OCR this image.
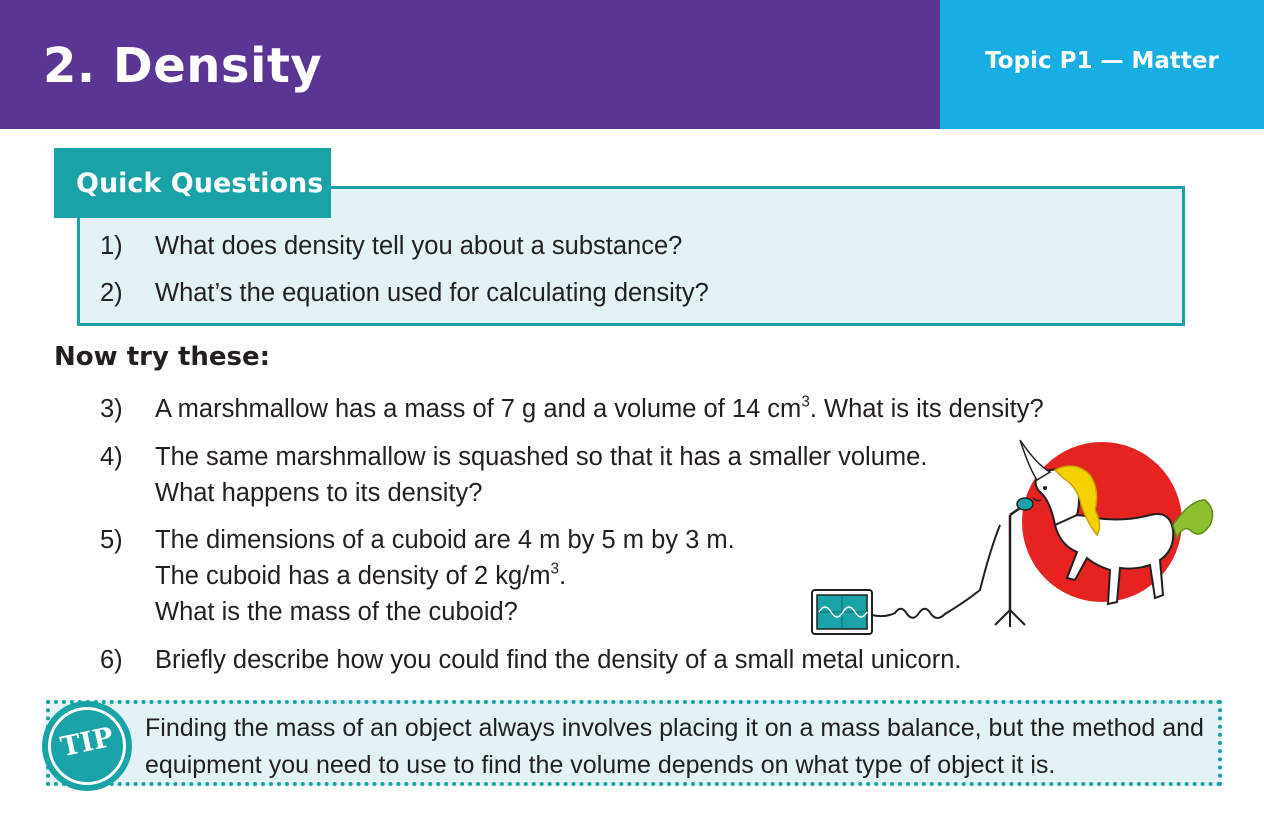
2. Density	Topic P1 — Matter
Quick Questions
1) What does density tell you about a substance?
2) What’s the equation used for calculating density?
Now try these:
3) A marshmallow has a mass of 7 g and a volume of 14 $cm^3$. What is its density?
4) The same marshmallow is squashed so that it has a smaller volume.
What happens to its density?
5) The dimensions of a cuboid are 4 m by 5 m by 3 m.
The cuboid has a density of 2 $kg/m^3$.
What is the mass of the cuboid?
6) Briefly describe how you could find the density of a small metal unicorn.
TIP	Finding the mass of an object always involves placing it on a mass balance, but the method and equipment you need to use to find the volume depends on what type of object it is.
